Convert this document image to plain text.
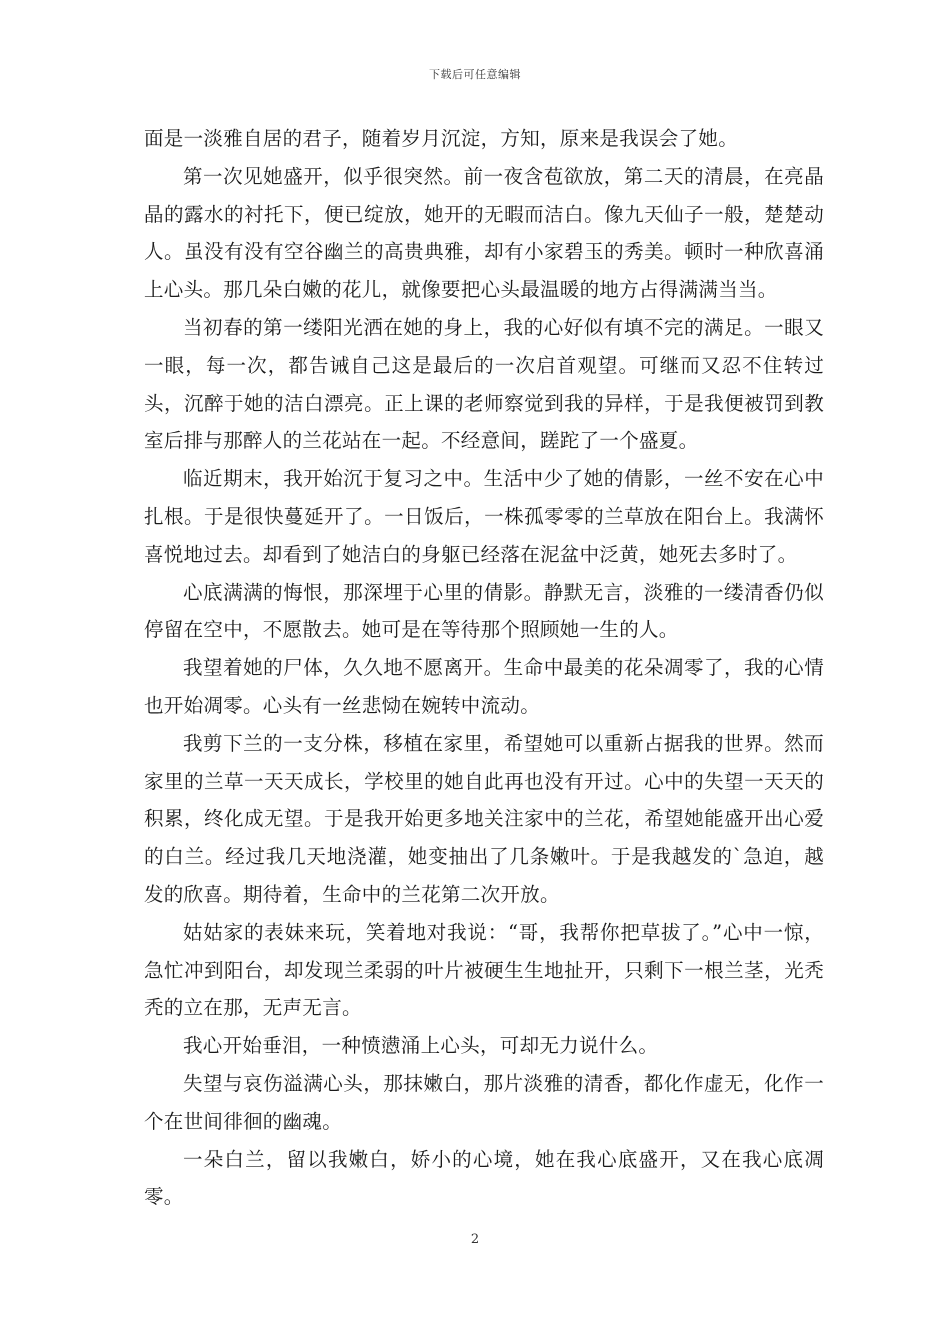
下载后可任意编辑

面是一淡雅自居的君子，随着岁月沉淀，方知，原来是我误会了她。

第一次见她盛开，似乎很突然。前一夜含苞欲放，第二天的清晨，在亮晶晶的露水的衬托下，便已绽放，她开的无暇而洁白。像九天仙子一般，楚楚动人。虽没有没有空谷幽兰的高贵典雅，却有小家碧玉的秀美。顿时一种欣喜涌上心头。那几朵白嫩的花儿，就像要把心头最温暖的地方占得满满当当。

当初春的第一缕阳光洒在她的身上，我的心好似有填不完的满足。一眼又一眼，每一次，都告诫自己这是最后的一次启首观望。可继而又忍不住转过头，沉醉于她的洁白漂亮。正上课的老师察觉到我的异样，于是我便被罚到教室后排与那醉人的兰花站在一起。不经意间，蹉跎了一个盛夏。

临近期末，我开始沉于复习之中。生活中少了她的倩影，一丝不安在心中扎根。于是很快蔓延开了。一日饭后，一株孤零零的兰草放在阳台上。我满怀喜悦地过去。却看到了她洁白的身躯已经落在泥盆中泛黄，她死去多时了。

心底满满的悔恨，那深埋于心里的倩影。静默无言，淡雅的一缕清香仍似停留在空中，不愿散去。她可是在等待那个照顾她一生的人。

我望着她的尸体，久久地不愿离开。生命中最美的花朵凋零了，我的心情也开始凋零。心头有一丝悲恸在婉转中流动。

我剪下兰的一支分株，移植在家里，希望她可以重新占据我的世界。然而家里的兰草一天天成长，学校里的她自此再也没有开过。心中的失望一天天的积累，终化成无望。于是我开始更多地关注家中的兰花，希望她能盛开出心爱的白兰。经过我几天地浇灌，她变抽出了几条嫩叶。于是我越发的`急迫，越发的欣喜。期待着，生命中的兰花第二次开放。

姑姑家的表妹来玩，笑着地对我说：“哥，我帮你把草拔了。”心中一惊，急忙冲到阳台，却发现兰柔弱的叶片被硬生生地扯开，只剩下一根兰茎，光秃秃的立在那，无声无言。

我心开始垂泪，一种愤懑涌上心头，可却无力说什么。

失望与哀伤溢满心头，那抹嫩白，那片淡雅的清香，都化作虚无，化作一个在世间徘徊的幽魂。

一朵白兰，留以我嫩白，娇小的心境，她在我心底盛开，又在我心底凋零。

2
